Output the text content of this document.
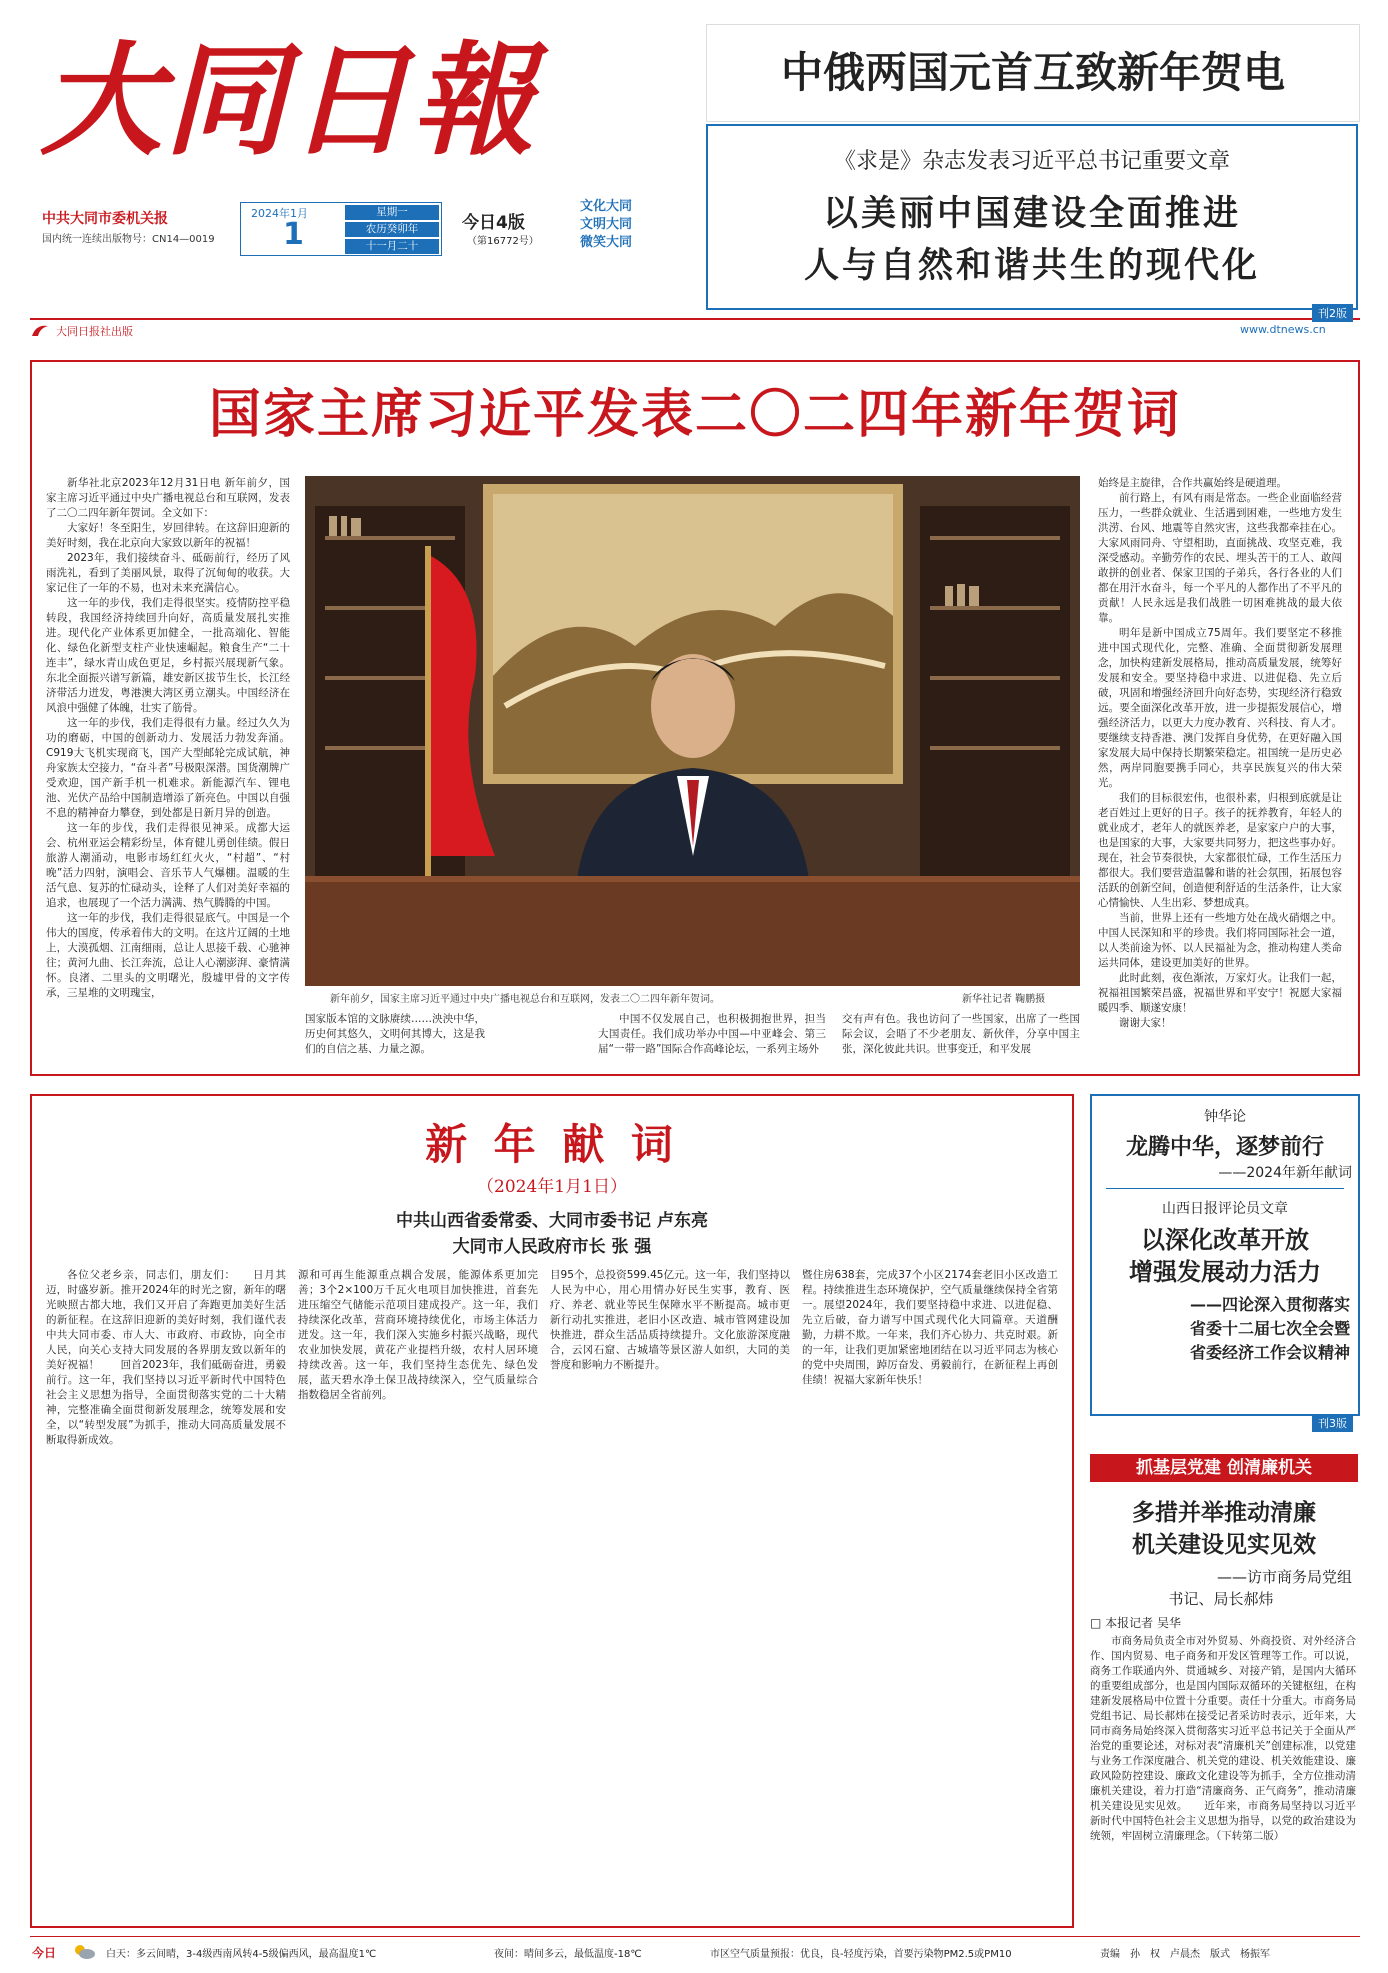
大同日報
中共大同市委机关报
国内统一连续出版物号：CN14—0019
2024年1月
1
星期一
农历癸卯年
十一月二十
今日4版
（第16772号）
文化大同
文明大同
微笑大同
大同日报社出版	www.dtnews.cn
中俄两国元首互致新年贺电
《求是》杂志发表习近平总书记重要文章
以美丽中国建设全面推进
人与自然和谐共生的现代化
刊2版
国家主席习近平发表二〇二四年新年贺词

新华社北京2023年12月31日电 新年前夕，国家主席习近平通过中央广播电视总台和互联网，发表了二〇二四年新年贺词。全文如下：

大家好！冬至阳生，岁回律转。在这辞旧迎新的美好时刻，我在北京向大家致以新年的祝福！

2023年，我们接续奋斗、砥砺前行，经历了风雨洗礼，看到了美丽风景，取得了沉甸甸的收获。大家记住了一年的不易，也对未来充满信心。

这一年的步伐，我们走得很坚实。疫情防控平稳转段，我国经济持续回升向好，高质量发展扎实推进。现代化产业体系更加健全，一批高端化、智能化、绿色化新型支柱产业快速崛起。粮食生产“二十连丰”，绿水青山成色更足，乡村振兴展现新气象。东北全面振兴谱写新篇，雄安新区拔节生长，长江经济带活力迸发，粤港澳大湾区勇立潮头。中国经济在风浪中强健了体魄，壮实了筋骨。

这一年的步伐，我们走得很有力量。经过久久为功的磨砺，中国的创新动力、发展活力勃发奔涌。C919大飞机实现商飞，国产大型邮轮完成试航，神舟家族太空接力，“奋斗者”号极限深潜。国货潮牌广受欢迎，国产新手机一机难求。新能源汽车、锂电池、光伏产品给中国制造增添了新亮色。中国以自强不息的精神奋力攀登，到处都是日新月异的创造。

这一年的步伐，我们走得很见神采。成都大运会、杭州亚运会精彩纷呈，体育健儿勇创佳绩。假日旅游人潮涌动，电影市场红红火火，“村超”、“村晚”活力四射，演唱会、音乐节人气爆棚。温暖的生活气息、复苏的忙碌动头，诠释了人们对美好幸福的追求，也展现了一个活力满满、热气腾腾的中国。

这一年的步伐，我们走得很显底气。中国是一个伟大的国度，传承着伟大的文明。在这片辽阔的土地上，大漠孤烟、江南细雨，总让人思接千载、心驰神往；黄河九曲、长江奔流，总让人心潮澎湃、豪情满怀。良渚、二里头的文明曙光，殷墟甲骨的文字传承，三星堆的文明瑰宝，

新年前夕，国家主席习近平通过中央广播电视总台和互联网，发表二〇二四年新年贺词。	新华社记者 鞠鹏摄

国家版本馆的文脉赓续……泱泱中华，历史何其悠久，文明何其博大，这是我们的自信之基、力量之源。

中国不仅发展自己，也积极拥抱世界，担当大国责任。我们成功举办中国—中亚峰会、第三届“一带一路”国际合作高峰论坛，一系列主场外

交有声有色。我也访问了一些国家，出席了一些国际会议，会晤了不少老朋友、新伙伴，分享中国主张，深化彼此共识。世事变迁，和平发展

始终是主旋律，合作共赢始终是硬道理。

前行路上，有风有雨是常态。一些企业面临经营压力，一些群众就业、生活遇到困难，一些地方发生洪涝、台风、地震等自然灾害，这些我都牵挂在心。大家风雨同舟、守望相助，直面挑战、攻坚克难，我深受感动。辛勤劳作的农民、埋头苦干的工人、敢闯敢拼的创业者、保家卫国的子弟兵，各行各业的人们都在用汗水奋斗，每一个平凡的人都作出了不平凡的贡献！人民永远是我们战胜一切困难挑战的最大依靠。

明年是新中国成立75周年。我们要坚定不移推进中国式现代化，完整、准确、全面贯彻新发展理念，加快构建新发展格局，推动高质量发展，统筹好发展和安全。要坚持稳中求进、以进促稳、先立后破，巩固和增强经济回升向好态势，实现经济行稳致远。要全面深化改革开放，进一步提振发展信心，增强经济活力，以更大力度办教育、兴科技、育人才。要继续支持香港、澳门发挥自身优势，在更好融入国家发展大局中保持长期繁荣稳定。祖国统一是历史必然，两岸同胞要携手同心，共享民族复兴的伟大荣光。

我们的目标很宏伟，也很朴素，归根到底就是让老百姓过上更好的日子。孩子的抚养教育，年轻人的就业成才，老年人的就医养老，是家家户户的大事，也是国家的大事，大家要共同努力，把这些事办好。现在，社会节奏很快，大家都很忙碌，工作生活压力都很大。我们要营造温馨和谐的社会氛围，拓展包容活跃的创新空间，创造便利舒适的生活条件，让大家心情愉快、人生出彩、梦想成真。

当前，世界上还有一些地方处在战火硝烟之中。中国人民深知和平的珍贵。我们将同国际社会一道，以人类前途为怀、以人民福祉为念，推动构建人类命运共同体，建设更加美好的世界。

此时此刻，夜色渐浓，万家灯火。让我们一起，祝福祖国繁荣昌盛，祝福世界和平安宁！祝愿大家福暖四季、顺遂安康！

谢谢大家！

新 年 献 词
（2024年1月1日）
中共山西省委常委、大同市委书记 卢东亮
大同市人民政府市长 张 强

各位父老乡亲，同志们，朋友们：　　日月其迈，时盛岁新。推开2024年的时光之窗，新年的曙光映照古都大地，我们又开启了奔跑更加美好生活的新征程。在这辞旧迎新的美好时刻，我们谨代表中共大同市委、市人大、市政府、市政协，向全市人民，向关心支持大同发展的各界朋友致以新年的美好祝福！　　回首2023年，我们砥砺奋进，勇毅前行。这一年，我们坚持以习近平新时代中国特色社会主义思想为指导，全面贯彻落实党的二十大精神，完整准确全面贯彻新发展理念，统筹发展和安全，以“转型发展”为抓手，推动大同高质量发展不断取得新成效。

源和可再生能源重点耦合发展，能源体系更加完善；3个2×100万千瓦火电项目加快推进，首套先进压缩空气储能示范项目建成投产。这一年，我们持续深化改革，营商环境持续优化，市场主体活力迸发。这一年，我们深入实施乡村振兴战略，现代农业加快发展，黄花产业提档升级，农村人居环境持续改善。这一年，我们坚持生态优先、绿色发展，蓝天碧水净土保卫战持续深入，空气质量综合指数稳居全省前列。

目95个，总投资599.45亿元。这一年，我们坚持以人民为中心，用心用情办好民生实事，教育、医疗、养老、就业等民生保障水平不断提高。城市更新行动扎实推进，老旧小区改造、城市管网建设加快推进，群众生活品质持续提升。文化旅游深度融合，云冈石窟、古城墙等景区游人如织，大同的美誉度和影响力不断提升。

暨住房638套，完成37个小区2174套老旧小区改造工程。持续推进生态环境保护，空气质量继续保持全省第一。展望2024年，我们要坚持稳中求进、以进促稳、先立后破，奋力谱写中国式现代化大同篇章。天道酬勤，力耕不欺。一年来，我们齐心协力、共克时艰。新的一年，让我们更加紧密地团结在以习近平同志为核心的党中央周围，踔厉奋发、勇毅前行，在新征程上再创佳绩！祝福大家新年快乐！

钟华论
龙腾中华，逐梦前行
——2024年新年献词
山西日报评论员文章
以深化改革开放
增强发展动力活力
——四论深入贯彻落实
省委十二届七次全会暨
省委经济工作会议精神
刊3版
抓基层党建 创清廉机关
多措并举推动清廉
机关建设见实见效
——访市商务局党组
书记、局长郝炜
□ 本报记者 吴华

市商务局负责全市对外贸易、外商投资、对外经济合作、国内贸易、电子商务和开发区管理等工作。可以说，商务工作联通内外、贯通城乡、对接产销，是国内大循环的重要组成部分，也是国内国际双循环的关键枢纽，在构建新发展格局中位置十分重要。责任十分重大。市商务局党组书记、局长郝炜在接受记者采访时表示，近年来，大同市商务局始终深入贯彻落实习近平总书记关于全面从严治党的重要论述，对标对表“清廉机关”创建标准，以党建与业务工作深度融合、机关党的建设、机关效能建设、廉政风险防控建设、廉政文化建设等为抓手，全方位推动清廉机关建设，着力打造“清廉商务、正气商务”，推动清廉机关建设见实见效。　　近年来，市商务局坚持以习近平新时代中国特色社会主义思想为指导，以党的政治建设为统领，牢固树立清廉理念。（下转第二版）

今日	白天：多云间晴，3-4级西南风转4-5级偏西风，最高温度1℃	夜间：晴间多云，最低温度-18℃	市区空气质量预报：优良，良-轻度污染，首要污染物PM2.5或PM10	责编　孙　权　卢晨杰　版式　杨振军
